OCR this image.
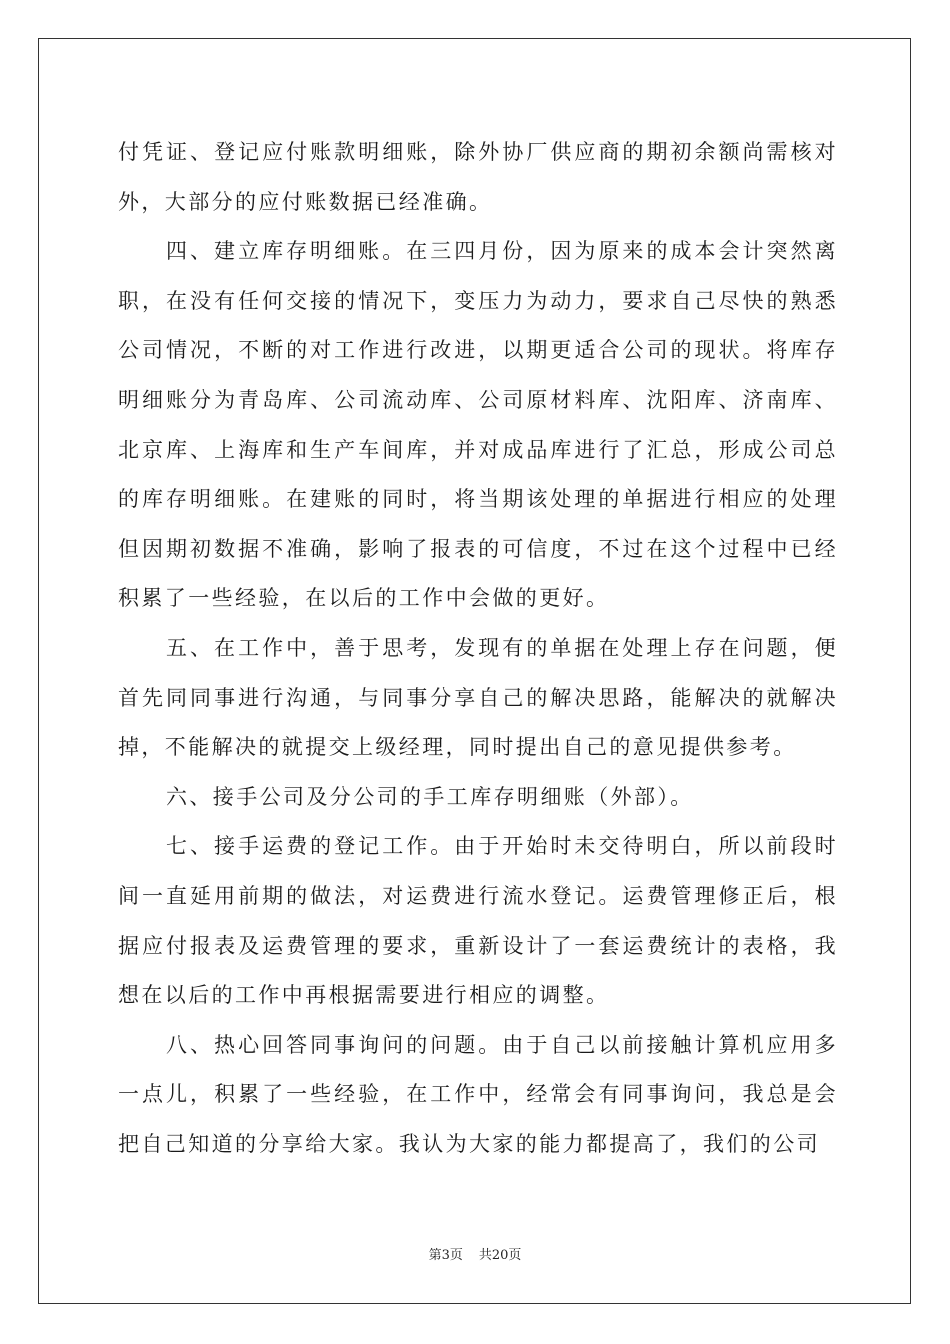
付凭证、登记应付账款明细账，除外协厂供应商的期初余额尚需核对外，大部分的应付账数据已经准确。

四、建立库存明细账。在三四月份，因为原来的成本会计突然离职，在没有任何交接的情况下，变压力为动力，要求自己尽快的熟悉公司情况，不断的对工作进行改进，以期更适合公司的现状。将库存明细账分为青岛库、公司流动库、公司原材料库、沈阳库、济南库、北京库、上海库和生产车间库，并对成品库进行了汇总，形成公司总的库存明细账。在建账的同时，将当期该处理的单据进行相应的处理但因期初数据不准确，影响了报表的可信度，不过在这个过程中已经积累了一些经验，在以后的工作中会做的更好。

五、在工作中，善于思考，发现有的单据在处理上存在问题，便首先同同事进行沟通，与同事分享自己的解决思路，能解决的就解决掉，不能解决的就提交上级经理，同时提出自己的意见提供参考。

六、接手公司及分公司的手工库存明细账（外部）。

七、接手运费的登记工作。由于开始时未交待明白，所以前段时间一直延用前期的做法，对运费进行流水登记。运费管理修正后，根据应付报表及运费管理的要求，重新设计了一套运费统计的表格，我想在以后的工作中再根据需要进行相应的调整。

八、热心回答同事询问的问题。由于自己以前接触计算机应用多一点儿，积累了一些经验，在工作中，经常会有同事询问，我总是会把自己知道的分享给大家。我认为大家的能力都提高了，我们的公司

第3页 共20页
